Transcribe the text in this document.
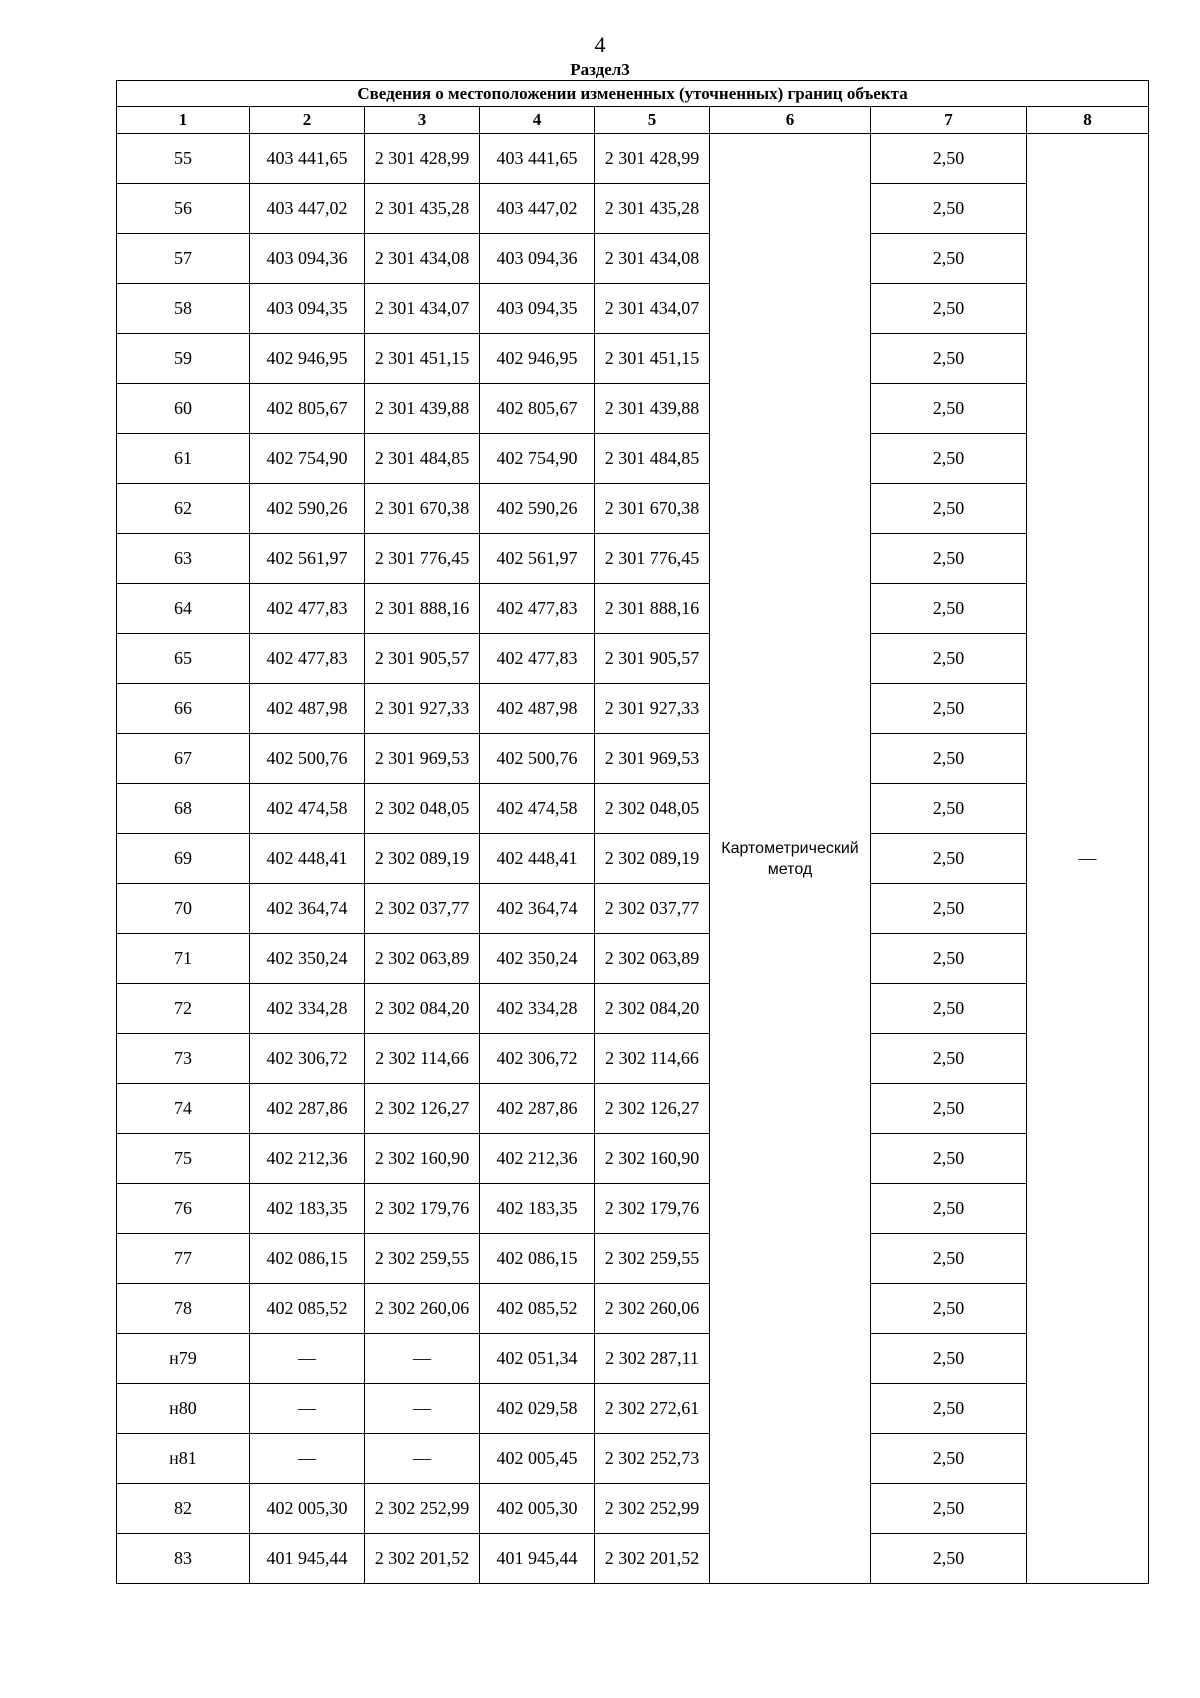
4
Раздел3
Сведения о местоположении измененных (уточненных) границ объекта							
1	2	3	4	5	6	7	8
55	403 441,65	2 301 428,99	403 441,65	2 301 428,99	Картометрический метод	2,50	—
56	403 447,02	2 301 435,28	403 447,02	2 301 435,28		2,50	
57	403 094,36	2 301 434,08	403 094,36	2 301 434,08		2,50	
58	403 094,35	2 301 434,07	403 094,35	2 301 434,07		2,50	
59	402 946,95	2 301 451,15	402 946,95	2 301 451,15		2,50	
60	402 805,67	2 301 439,88	402 805,67	2 301 439,88		2,50	
61	402 754,90	2 301 484,85	402 754,90	2 301 484,85		2,50	
62	402 590,26	2 301 670,38	402 590,26	2 301 670,38		2,50	
63	402 561,97	2 301 776,45	402 561,97	2 301 776,45		2,50	
64	402 477,83	2 301 888,16	402 477,83	2 301 888,16		2,50	
65	402 477,83	2 301 905,57	402 477,83	2 301 905,57		2,50	
66	402 487,98	2 301 927,33	402 487,98	2 301 927,33		2,50	
67	402 500,76	2 301 969,53	402 500,76	2 301 969,53		2,50	
68	402 474,58	2 302 048,05	402 474,58	2 302 048,05		2,50	
69	402 448,41	2 302 089,19	402 448,41	2 302 089,19		2,50	
70	402 364,74	2 302 037,77	402 364,74	2 302 037,77		2,50	
71	402 350,24	2 302 063,89	402 350,24	2 302 063,89		2,50	
72	402 334,28	2 302 084,20	402 334,28	2 302 084,20		2,50	
73	402 306,72	2 302 114,66	402 306,72	2 302 114,66		2,50	
74	402 287,86	2 302 126,27	402 287,86	2 302 126,27		2,50	
75	402 212,36	2 302 160,90	402 212,36	2 302 160,90		2,50	
76	402 183,35	2 302 179,76	402 183,35	2 302 179,76		2,50	
77	402 086,15	2 302 259,55	402 086,15	2 302 259,55		2,50	
78	402 085,52	2 302 260,06	402 085,52	2 302 260,06		2,50	
н79	—	—	402 051,34	2 302 287,11		2,50	
н80	—	—	402 029,58	2 302 272,61		2,50	
н81	—	—	402 005,45	2 302 252,73		2,50	
82	402 005,30	2 302 252,99	402 005,30	2 302 252,99		2,50	
83	401 945,44	2 302 201,52	401 945,44	2 302 201,52		2,50	
